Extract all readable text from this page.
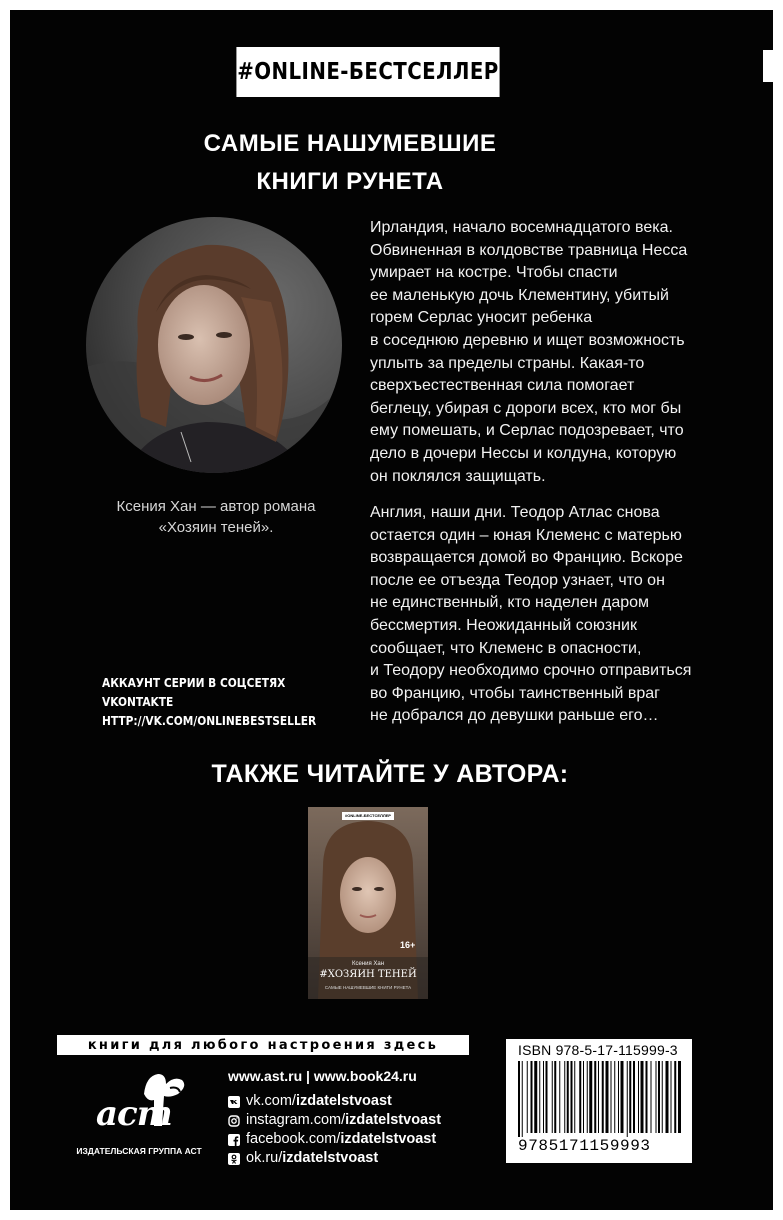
#ONLINE-БЕСТСЕЛЛЕР
САМЫЕ НАШУМЕВШИЕ
КНИГИ РУНЕТА
Ксения Хан — автор романа
«Хозяин теней».
Ирландия, начало восемнадцатого века.
Обвиненная в колдовстве травница Несса
умирает на костре. Чтобы спасти
ее маленькую дочь Клементину, убитый
горем Серлас уносит ребенка
в соседнюю деревню и ищет возможность
уплыть за пределы страны. Какая-то
сверхъестественная сила помогает
беглецу, убирая с дороги всех, кто мог бы
ему помешать, и Серлас подозревает, что
дело в дочери Нессы и колдуна, которую
он поклялся защищать.
Англия, наши дни. Теодор Атлас снова
остается один – юная Клеменс с матерью
возвращается домой во Францию. Вскоре
после ее отъезда Теодор узнает, что он
не единственный, кто наделен даром
бессмертия. Неожиданный союзник
сообщает, что Клеменс в опасности,
и Теодору необходимо срочно отправиться
во Францию, чтобы таинственный враг
не добрался до девушки раньше его…
АККАУНТ СЕРИИ В СОЦСЕТЯХ
VKONTAKTE
HTTP://VK.COM/ONLINEBESTSELLER
ТАКЖЕ ЧИТАЙТЕ У АВТОРА:
#ONLINE-БЕСТСЕЛЛЕР
16+
Ксения Хан
#ХОЗЯИН ТЕНЕЙ
САМЫЕ НАШУМЕВШИЕ КНИГИ РУНЕТА
книги для любого настроения здесь
аст
ИЗДАТЕЛЬСКАЯ ГРУППА АСТ
www.ast.ru | www.book24.ru
vk.com/ izdatelstvoast
instagram.com/ izdatelstvoast
facebook.com/ izdatelstvoast
ok.ru/ izdatelstvoast
ISBN 978-5-17-115999-3
9785171159993
